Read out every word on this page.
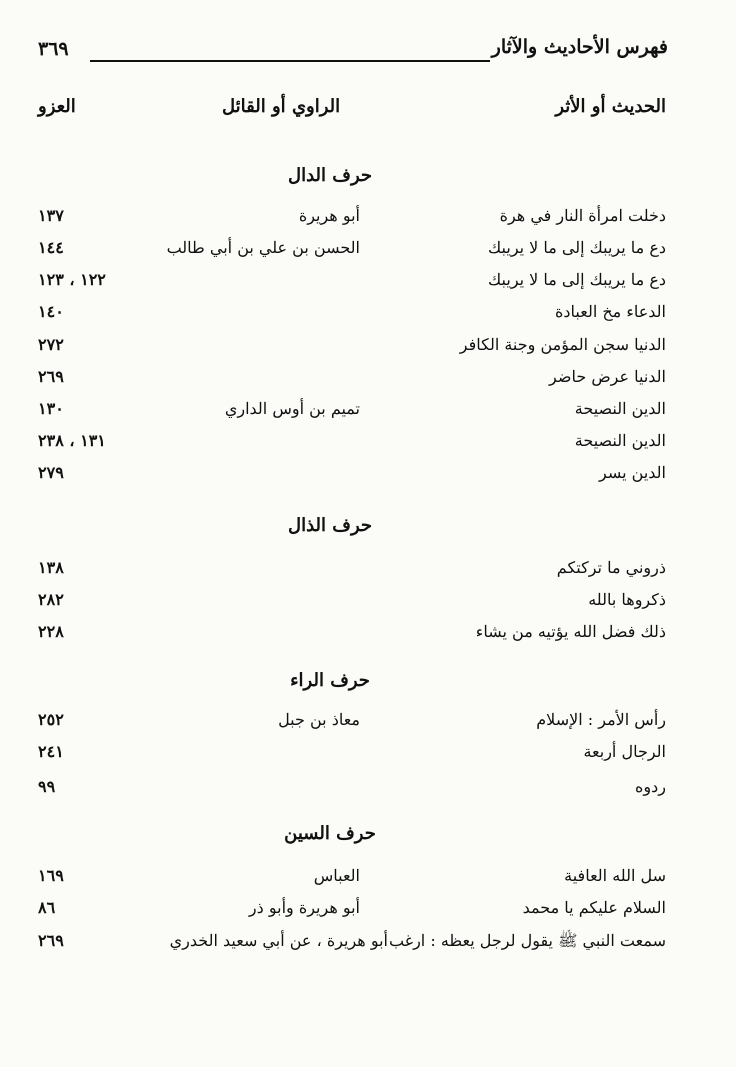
فهرس الأحاديث والآثار
٣٦٩
الحديث أو الأثر
الراوي أو القائل
العزو
حرف الدال
دخلت امرأة النار في هرة
أبو هريرة
١٣٧
دع ما يريبك إلى ما لا يريبك
الحسن بن علي بن أبي طالب
١٤٤
دع ما يريبك إلى ما لا يريبك
١٢٢ ، ١٢٣
الدعاء مخ العبادة
١٤٠
الدنيا سجن المؤمن وجنة الكافر
٢٧٢
الدنيا عرض حاضر
٢٦٩
الدين النصيحة
تميم بن أوس الداري
١٣٠
الدين النصيحة
١٣١ ، ٢٣٨
الدين يسر
٢٧٩
حرف الذال
ذروني ما تركتكم
١٣٨
ذكروها بالله
٢٨٢
ذلك فضل الله يؤتيه من يشاء
٢٢٨
حرف الراء
رأس الأمر : الإسلام
معاذ بن جبل
٢٥٢
الرجال أربعة
٢٤١
ردوه
٩٩
حرف السين
سل الله العافية
العباس
١٦٩
السلام عليكم يا محمد
أبو هريرة وأبو ذر
٨٦
سمعت النبي ﷺ يقول لرجل يعظه : ارغب
أبو هريرة ، عن أبي سعيد الخدري
٢٦٩
